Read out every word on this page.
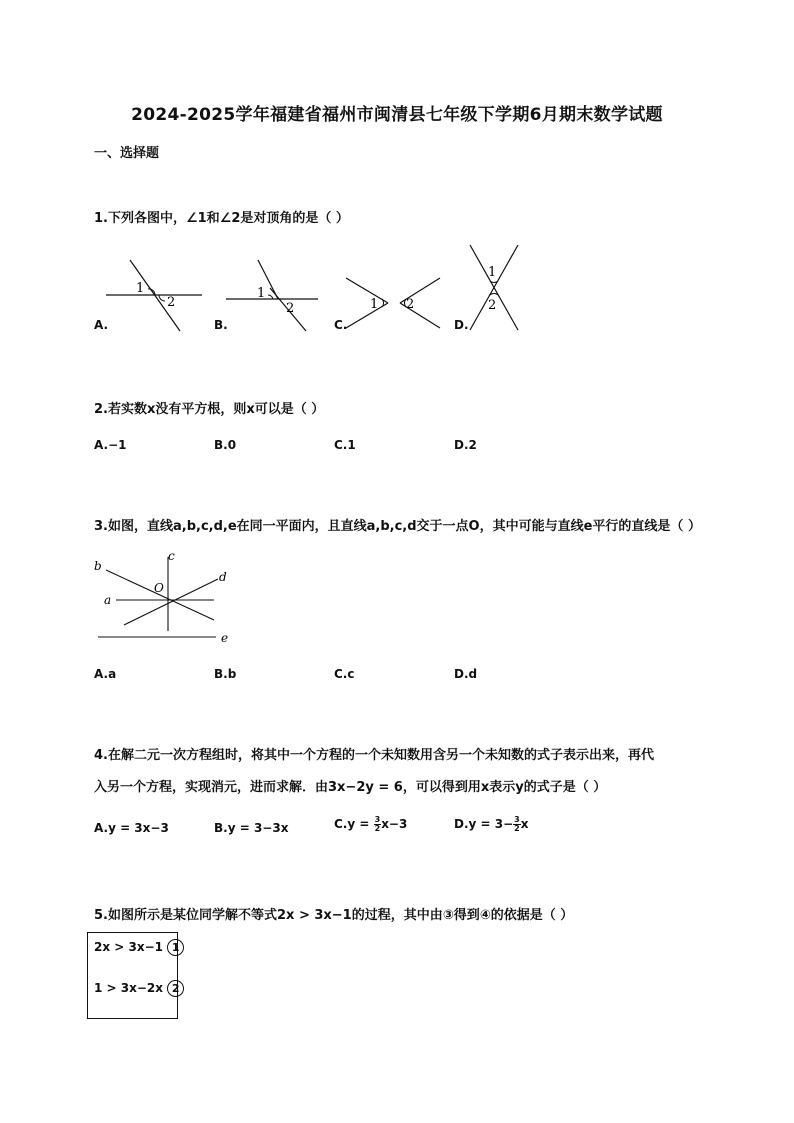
2024-2025学年福建省福州市闽清县七年级下学期6月期末数学试题
一、选择题
1.下列各图中，∠1和∠2是对顶角的是（ ）
1
2
A.
1
2
B.
1 2
C.
1
2
D.
2.若实数x没有平方根，则x可以是（ ）
A.−1	B.0	C.1	D.2
3.如图，直线a,b,c,d,e在同一平面内，且直线a,b,c,d交于一点O，其中可能与直线e平行的直线是（ ）
c
b
d
O
a
e
A.a	B.b	C.c	D.d
4.在解二元一次方程组时，将其中一个方程的一个未知数用含另一个未知数的式子表示出来，再代
入另一个方程，实现消元，进而求解．由3x−2y = 6，可以得到用x表示y的式子是（ ）
A.y = 3x−3	B.y = 3−3x	$C.y = \frac{3}{2} x-3$	$D.y = 3- \frac{3}{2}$ x
5.如图所示是某位同学解不等式2x > 3x−1的过程，其中由③得到④的依据是（ ）
2x > 3x−1 1
1 > 3x−2x 2
